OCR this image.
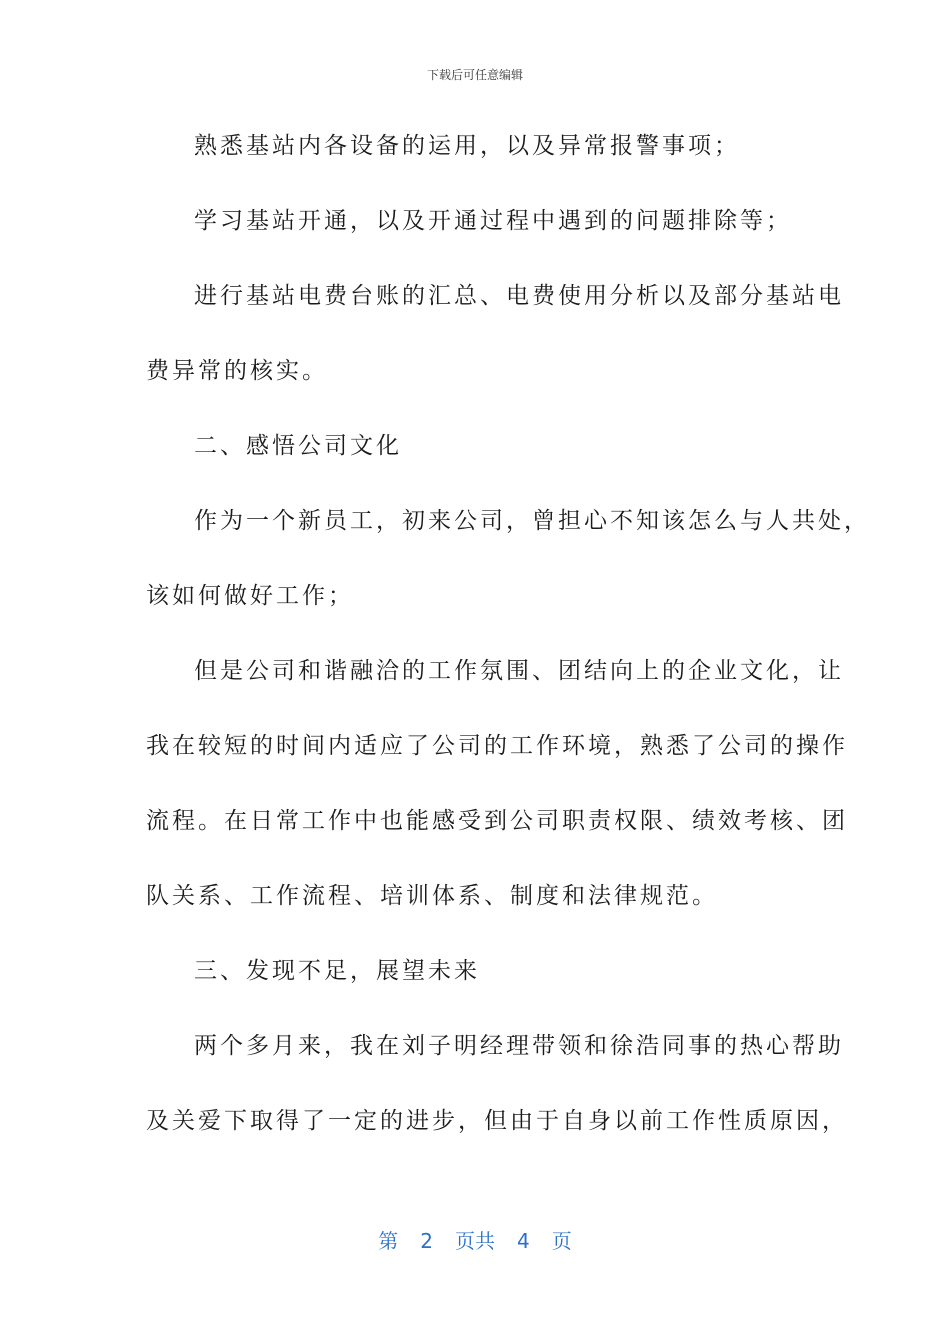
下载后可任意编辑
熟悉基站内各设备的运用，以及异常报警事项；
学习基站开通，以及开通过程中遇到的问题排除等；
进行基站电费台账的汇总、电费使用分析以及部分基站电
费异常的核实。
二、感悟公司文化
作为一个新员工，初来公司，曾担心不知该怎么与人共处，
该如何做好工作；
但是公司和谐融洽的工作氛围、团结向上的企业文化，让
我在较短的时间内适应了公司的工作环境，熟悉了公司的操作
流程。在日常工作中也能感受到公司职责权限、绩效考核、团
队关系、工作流程、培训体系、制度和法律规范。
三、发现不足，展望未来
两个多月来，我在刘子明经理带领和徐浩同事的热心帮助
及关爱下取得了一定的进步，但由于自身以前工作性质原因，
第 2 页共 4 页
